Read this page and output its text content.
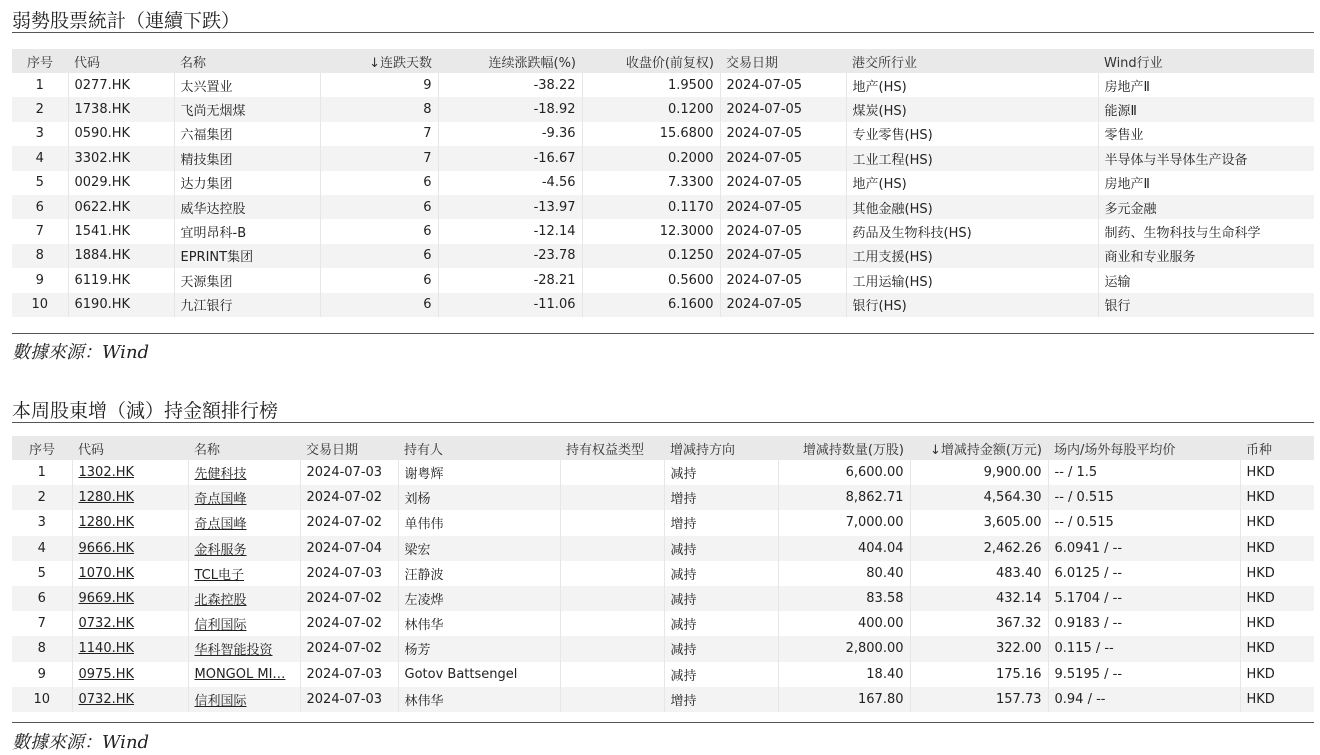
弱勢股票統計（連續下跌）
序号	代码	名称	↓连跌天数	连续涨跌幅(%)	收盘价(前复权)	交易日期	港交所行业	Wind行业
1	0277.HK	太兴置业	9	-38.22	1.9500	2024-07-05	地产(HS)	房地产Ⅱ
2	1738.HK	飞尚无烟煤	8	-18.92	0.1200	2024-07-05	煤炭(HS)	能源Ⅱ
3	0590.HK	六福集团	7	-9.36	15.6800	2024-07-05	专业零售(HS)	零售业
4	3302.HK	精技集团	7	-16.67	0.2000	2024-07-05	工业工程(HS)	半导体与半导体生产设备
5	0029.HK	达力集团	6	-4.56	7.3300	2024-07-05	地产(HS)	房地产Ⅱ
6	0622.HK	威华达控股	6	-13.97	0.1170	2024-07-05	其他金融(HS)	多元金融
7	1541.HK	宜明昂科-B	6	-12.14	12.3000	2024-07-05	药品及生物科技(HS)	制药、生物科技与生命科学
8	1884.HK	EPRINT集团	6	-23.78	0.1250	2024-07-05	工用支援(HS)	商业和专业服务
9	6119.HK	天源集团	6	-28.21	0.5600	2024-07-05	工用运输(HS)	运输
10	6190.HK	九江银行	6	-11.06	6.1600	2024-07-05	银行(HS)	银行
數據來源：Wind
本周股東增（減）持金額排行榜
序号	代码	名称	交易日期	持有人	持有权益类型	增减持方向	增减持数量(万股)	↓增减持金额(万元)	场内/场外每股平均价	币种
1	1302.HK	先健科技	2024-07-03	谢粤辉		减持	6,600.00	9,900.00	-- / 1.5	HKD
2	1280.HK	奇点国峰	2024-07-02	刘杨		增持	8,862.71	4,564.30	-- / 0.515	HKD
3	1280.HK	奇点国峰	2024-07-02	单伟伟		增持	7,000.00	3,605.00	-- / 0.515	HKD
4	9666.HK	金科服务	2024-07-04	梁宏		减持	404.04	2,462.26	6.0941 / --	HKD
5	1070.HK	TCL电子	2024-07-03	汪静波		减持	80.40	483.40	6.0125 / --	HKD
6	9669.HK	北森控股	2024-07-02	左凌烨		减持	83.58	432.14	5.1704 / --	HKD
7	0732.HK	信利国际	2024-07-02	林伟华		减持	400.00	367.32	0.9183 / --	HKD
8	1140.HK	华科智能投资	2024-07-02	杨芳		减持	2,800.00	322.00	0.115 / --	HKD
9	0975.HK	MONGOL MI…	2024-07-03	Gotov Battsengel		减持	18.40	175.16	9.5195 / --	HKD
10	0732.HK	信利国际	2024-07-03	林伟华		增持	167.80	157.73	0.94 / --	HKD
數據來源：Wind
